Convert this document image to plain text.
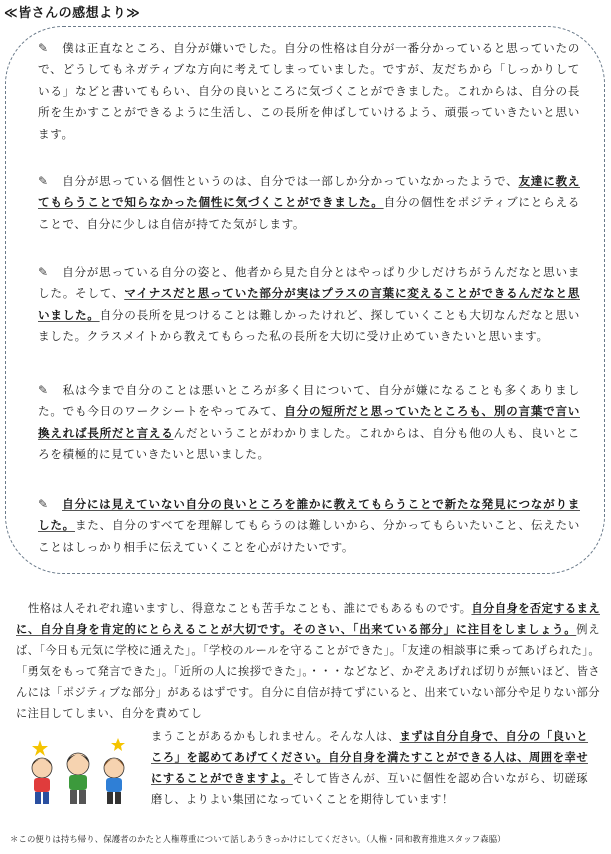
≪皆さんの感想より≫
✎ 僕は正直なところ、自分が嫌いでした。自分の性格は自分が一番分かっていると思っていたので、どうしてもネガティブな方向に考えてしまっていました。ですが、友だちから「しっかりしている」などと書いてもらい、自分の良いところに気づくことができました。これからは、自分の長所を生かすことができるように生活し、この長所を伸ばしていけるよう、頑張っていきたいと思います。
✎ 自分が思っている個性というのは、自分では一部しか分かっていなかったようで、友達に教えてもらうことで知らなかった個性に気づくことができました。自分の個性をポジティブにとらえることで、自分に少しは自信が持てた気がします。
✎ 自分が思っている自分の姿と、他者から見た自分とはやっぱり少しだけちがうんだなと思いました。そして、マイナスだと思っていた部分が実はプラスの言葉に変えることができるんだなと思いました。自分の長所を見つけることは難しかったけれど、探していくことも大切なんだなと思いました。クラスメイトから教えてもらった私の長所を大切に受け止めていきたいと思います。
✎ 私は今まで自分のことは悪いところが多く目について、自分が嫌になることも多くありました。でも今日のワークシートをやってみて、自分の短所だと思っていたところも、別の言葉で言い換えれば長所だと言えるんだということがわかりました。これからは、自分も他の人も、良いところを積極的に見ていきたいと思いました。
✎ 自分には見えていない自分の良いところを誰かに教えてもらうことで新たな発見につながりました。また、自分のすべてを理解してもらうのは難しいから、分かってもらいたいこと、伝えたいことはしっかり相手に伝えていくことを心がけたいです。
性格は人それぞれ違いますし、得意なことも苦手なことも、誰にでもあるものです。自分自身を否定するまえに、自分自身を肯定的にとらえることが大切です。そのさい、「出来ている部分」に注目をしましょう。例えば、「今日も元気に学校に通えた」。「学校のルールを守ることができた」。「友達の相談事に乗ってあげられた」。「勇気をもって発言できた」。「近所の人に挨拶できた」。・・・などなど、かぞえあげれば切りが無いほど、皆さんには「ポジティブな部分」があるはずです。自分に自信が持てずにいると、出来ていない部分や足りない部分に注目してしまい、自分を責めてし
まうことがあるかもしれません。そんな人は、まずは自分自身で、自分の「良いところ」を認めてあげてください。自分自身を満たすことができる人は、周囲を幸せにすることができますよ。そして皆さんが、互いに個性を認め合いながら、切磋琢磨し、よりよい集団になっていくことを期待しています！
＊この便りは持ち帰り、保護者のかたと人権尊重について話しあうきっかけにしてください。（人権・同和教育推進スタッフ森脇）
